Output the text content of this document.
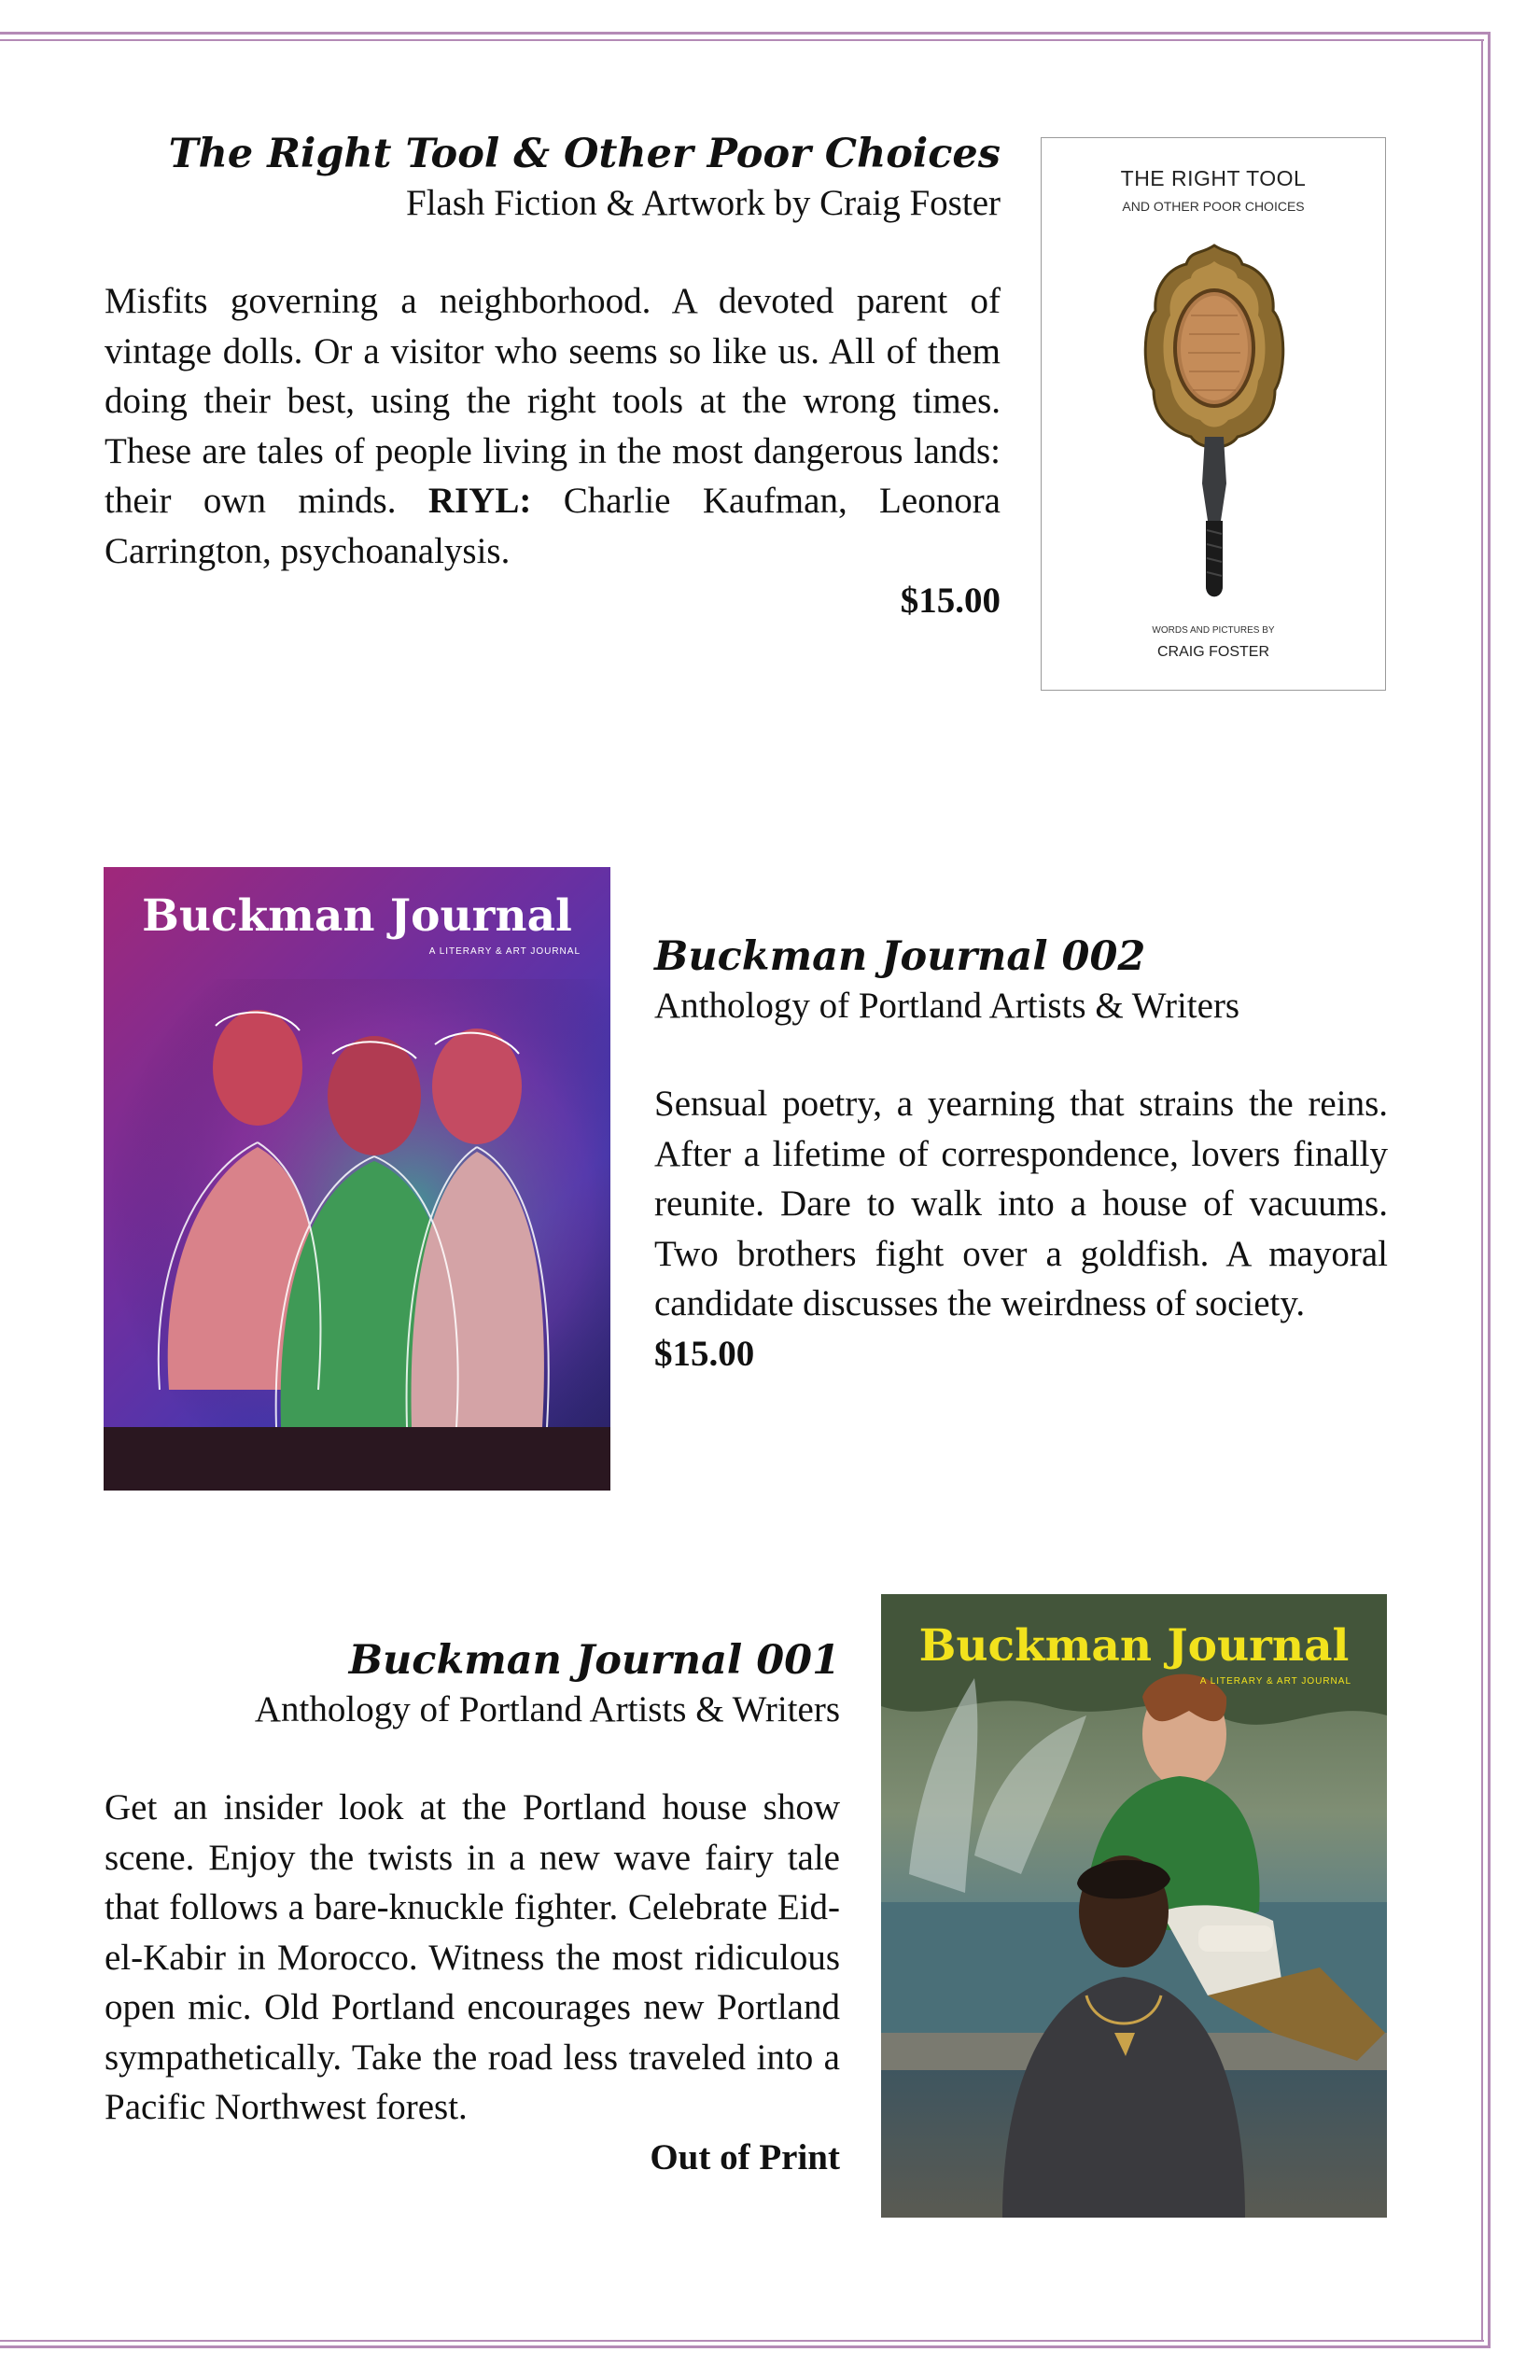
The Right Tool & Other Poor Choices

Flash Fiction & Artwork by Craig Foster

Misfits governing a neighborhood. A devoted parent of vintage dolls. Or a visitor who seems so like us. All of them doing their best, using the right tools at the wrong times. These are tales of people living in the most dangerous lands: their own minds. RIYL: Charlie Kaufman, Leonora Carrington, psychoanalysis.

$15.00

THE RIGHT TOOL
AND OTHER POOR CHOICES
WORDS AND PICTURES BY
CRAIG FOSTER
Buckman Journal
A LITERARY & ART JOURNAL Buckman Journal 002

Anthology of Portland Artists & Writers

Sensual poetry, a yearning that strains the reins. After a lifetime of correspondence, lovers finally reunite. Dare to walk into a house of vacuums. Two brothers fight over a goldfish. A mayoral candidate discusses the weirdness of society.

$15.00

Buckman Journal 001

Anthology of Portland Artists & Writers

Get an insider look at the Portland house show scene. Enjoy the twists in a new wave fairy tale that follows a bare-knuckle fighter. Celebrate Eid-el-Kabir in Morocco. Witness the most ridiculous open mic. Old Portland encourages new Portland sympathetically. Take the road less traveled into a Pacific Northwest forest.

Out of Print

Buckman Journal
A LITERARY & ART JOURNAL
